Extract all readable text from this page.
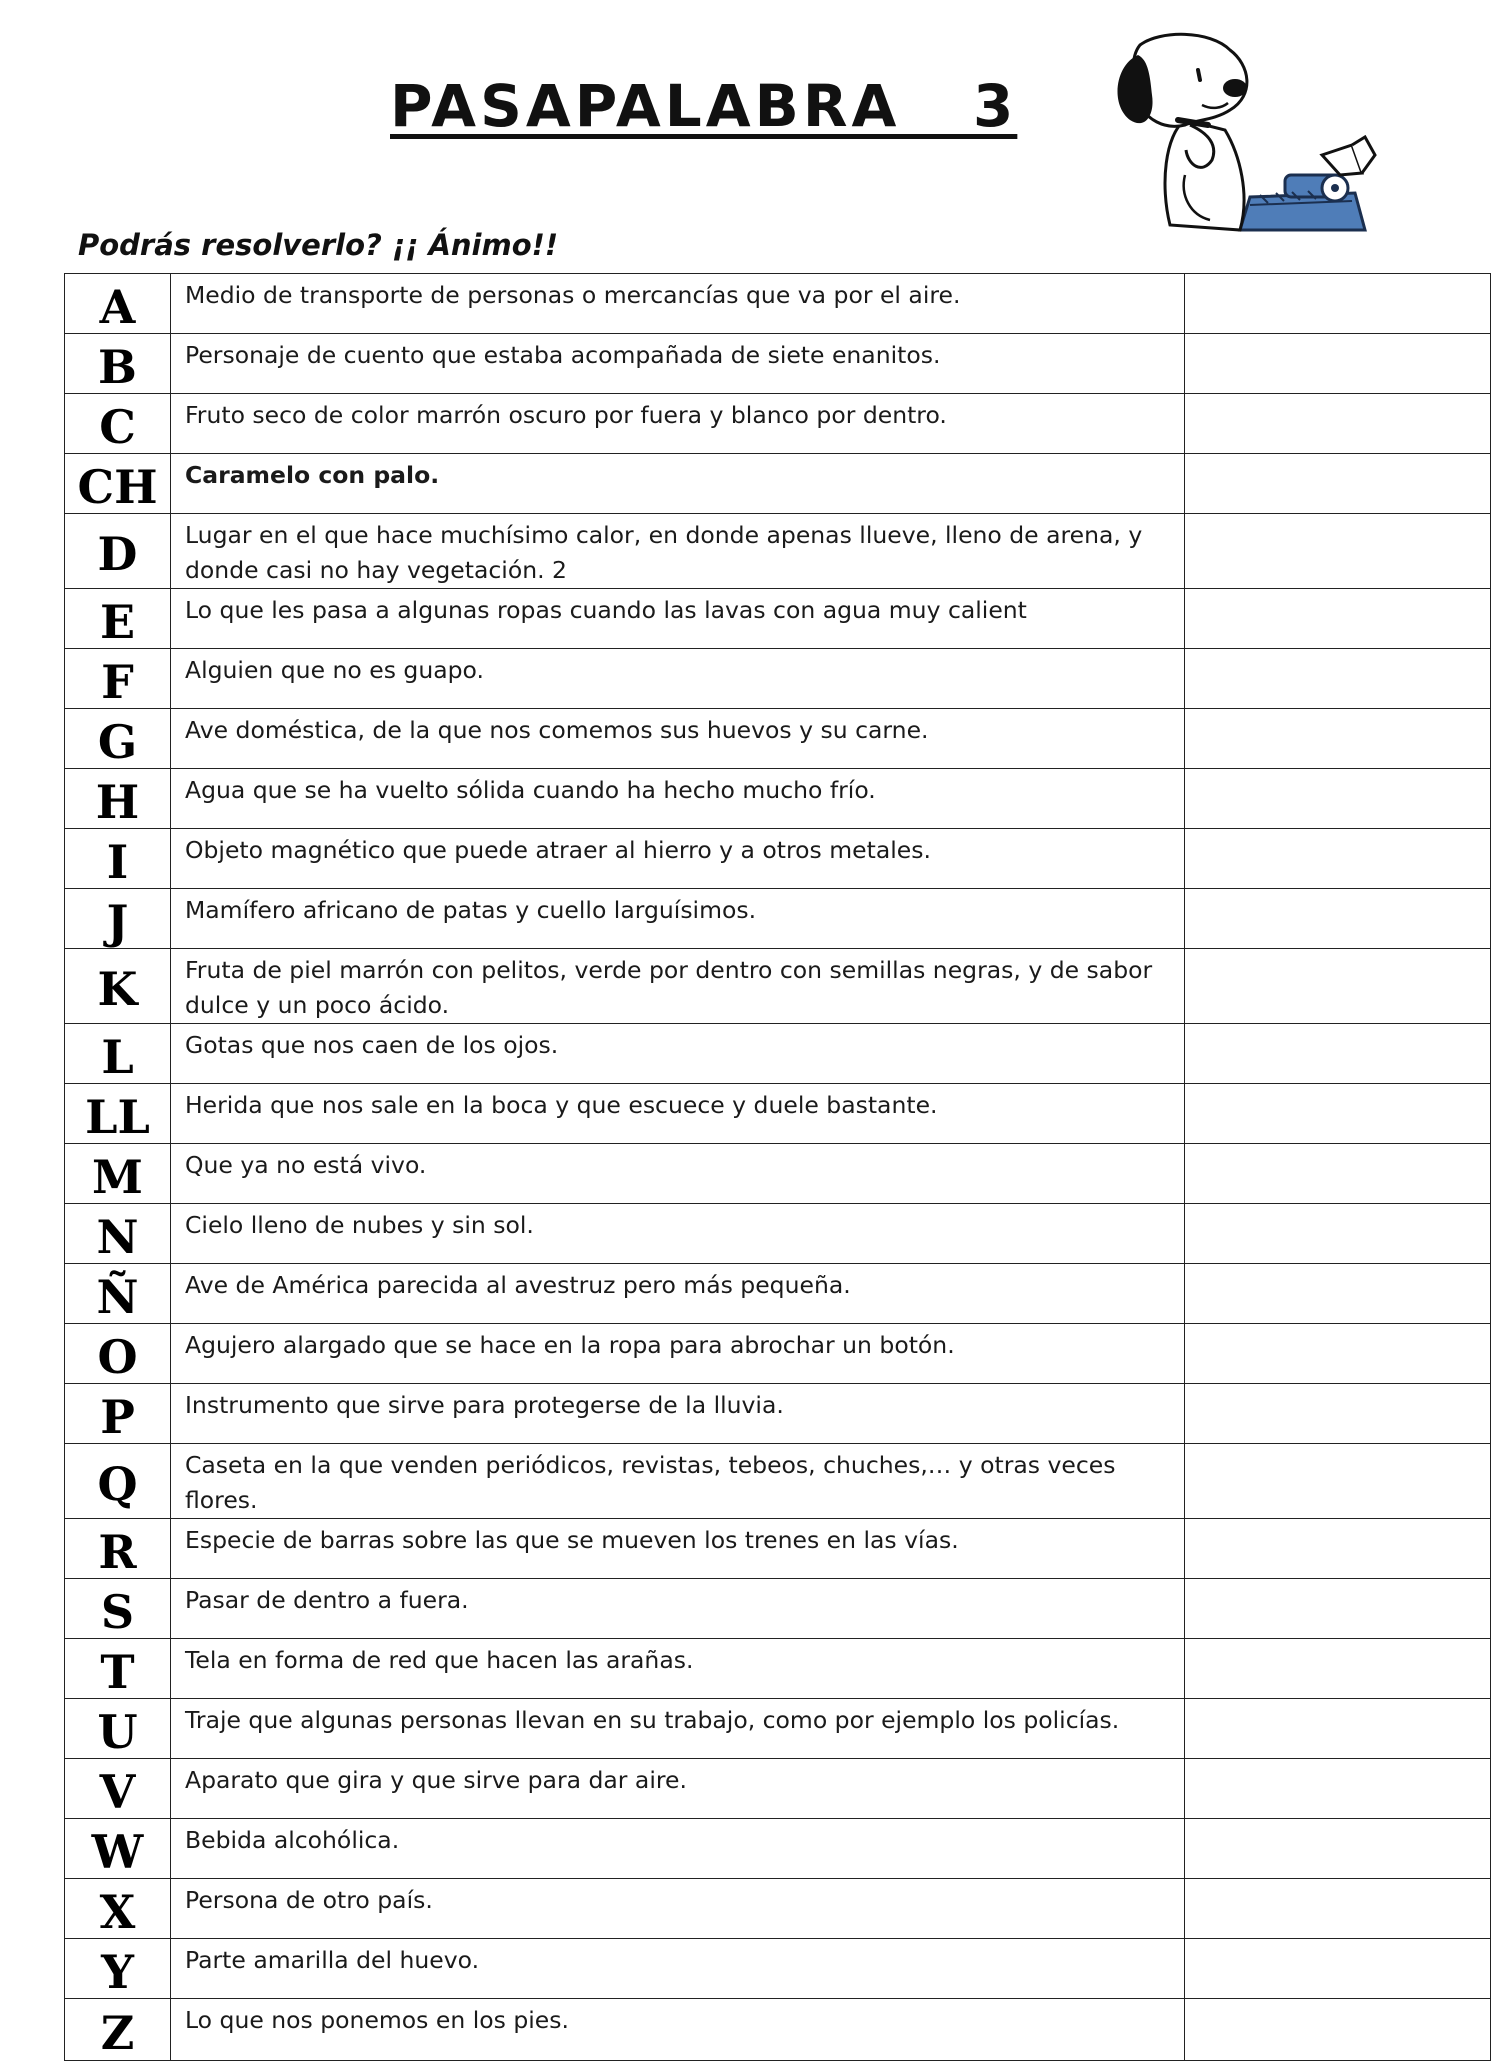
PASAPALABRA   3
Podrás resolverlo? ¡¡ Ánimo!!
A	Medio de transporte de personas o mercancías que va por el aire.	
B	Personaje de cuento que estaba acompañada de siete enanitos.	
C	Fruto seco de color marrón oscuro por fuera y blanco por dentro.	
CH	Caramelo con palo.	
D	Lugar en el que hace muchísimo calor, en donde apenas llueve, lleno de arena, y donde casi no hay vegetación. 2	
E	Lo que les pasa a algunas ropas cuando las lavas con agua muy calient	
F	Alguien que no es guapo.	
G	Ave doméstica, de la que nos comemos sus huevos y su carne.	
H	Agua que se ha vuelto sólida cuando ha hecho mucho frío.	
I	Objeto magnético que puede atraer al hierro y a otros metales.	
J	Mamífero africano de patas y cuello larguísimos.	
K	Fruta de piel marrón con pelitos, verde por dentro con semillas negras, y de sabor dulce y un poco ácido.	
L	Gotas que nos caen de los ojos.	
LL	Herida que nos sale en la boca y que escuece y duele bastante.	
M	Que ya no está vivo.	
N	Cielo lleno de nubes y sin sol.	
Ñ	Ave de América parecida al avestruz pero más pequeña.	
O	Agujero alargado que se hace en la ropa para abrochar un botón.	
P	Instrumento que sirve para protegerse de la lluvia.	
Q	Caseta en la que venden periódicos, revistas, tebeos, chuches,… y otras veces flores.	
R	Especie de barras sobre las que se mueven los trenes en las vías.	
S	Pasar de dentro a fuera.	
T	Tela en forma de red que hacen las arañas.	
U	Traje que algunas personas llevan en su trabajo, como por ejemplo los policías.	
V	Aparato que gira y que sirve para dar aire.	
W	Bebida alcohólica.	
X	Persona de otro país.	
Y	Parte amarilla del huevo.	
Z	Lo que nos ponemos en los pies.	
